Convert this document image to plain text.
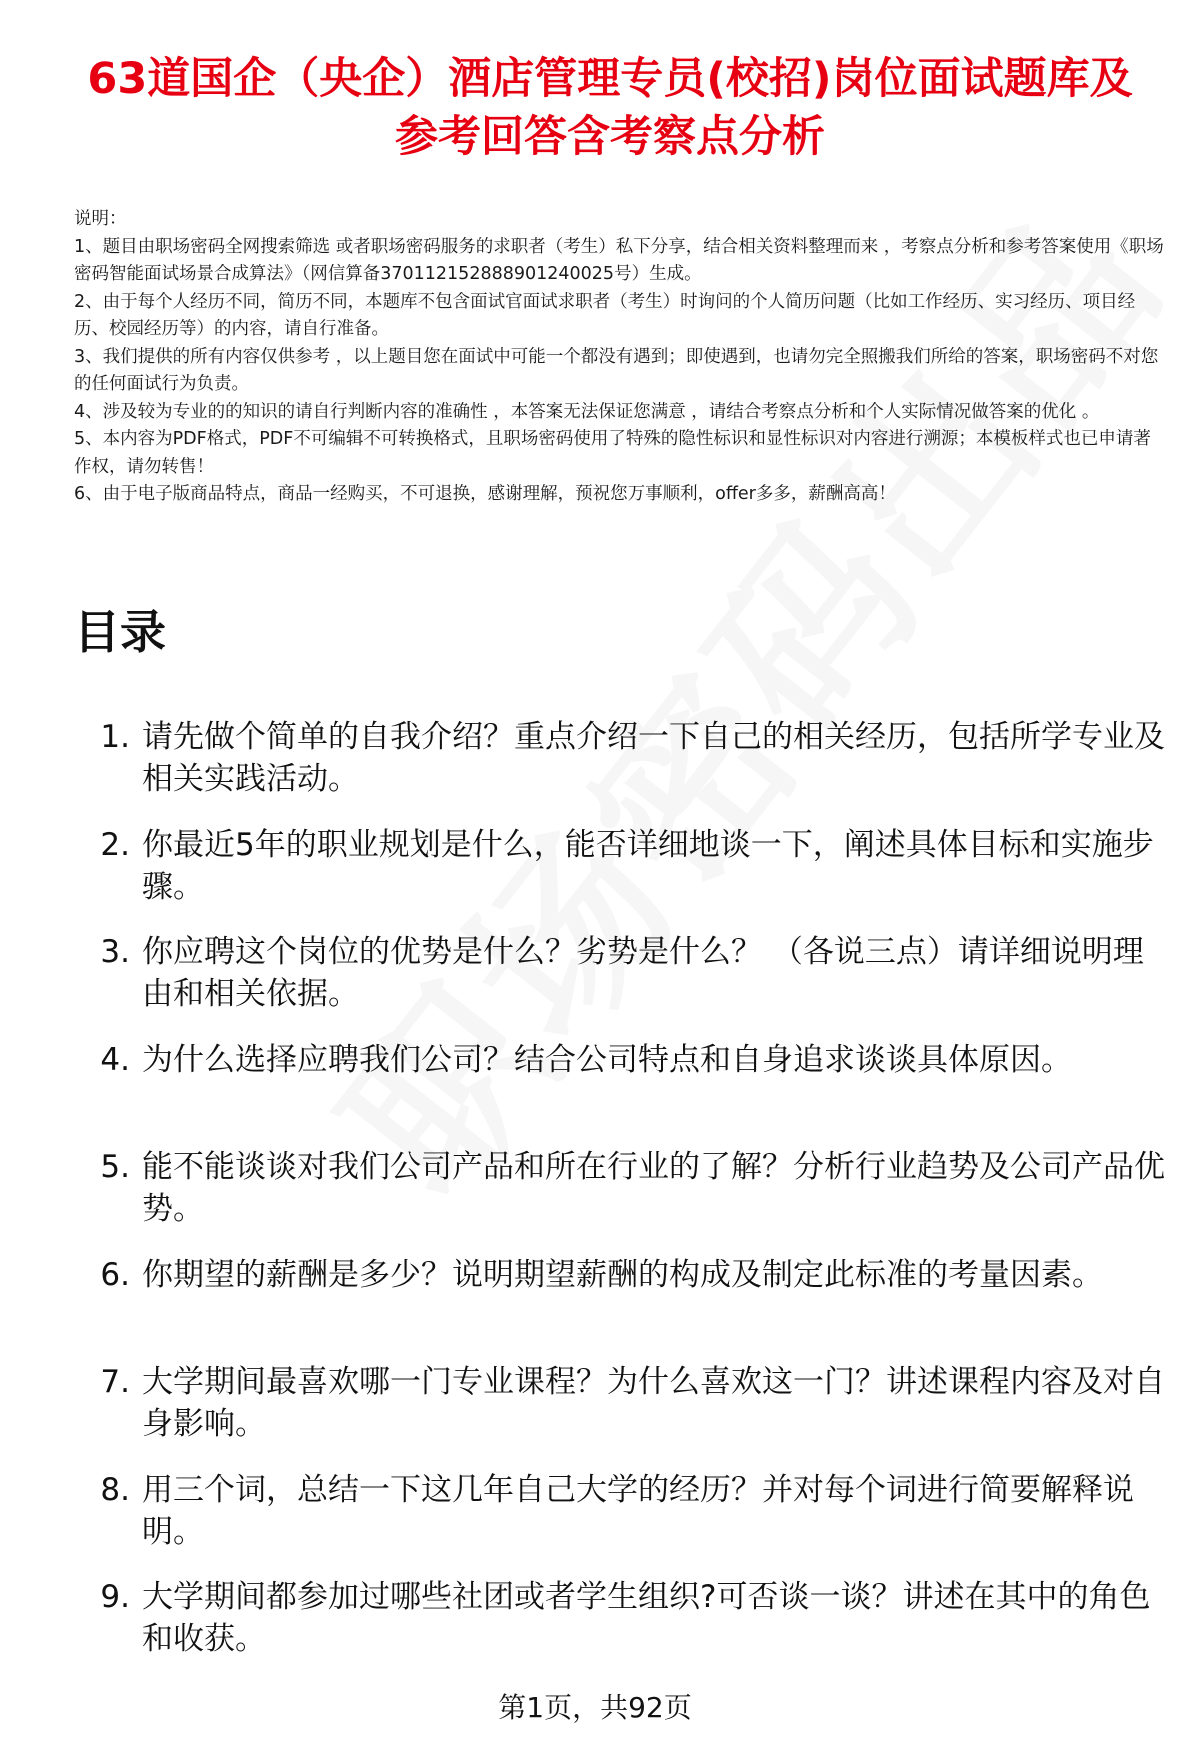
63道国企（央企）酒店管理专员(校招)岗位面试题库及参考回答含考察点分析

说明：

1、题目由职场密码全网搜索筛选 或者职场密码服务的求职者（考生）私下分享，结合相关资料整理而来 ，考察点分析和参考答案使用《职场密码智能面试场景合成算法》（网信算备370112152888901240025号）生成。

2、由于每个人经历不同，简历不同，本题库不包含面试官面试求职者（考生）时询问的个人简历问题（比如工作经历、实习经历、项目经历、校园经历等）的内容，请自行准备。

3、我们提供的所有内容仅供参考 ，以上题目您在面试中可能一个都没有遇到；即使遇到，也请勿完全照搬我们所给的答案，职场密码不对您的任何面试行为负责。

4、涉及较为专业的的知识的请自行判断内容的准确性 ，本答案无法保证您满意 ，请结合考察点分析和个人实际情况做答案的优化 。

5、本内容为PDF格式，PDF不可编辑不可转换格式，且职场密码使用了特殊的隐性标识和显性标识对内容进行溯源；本模板样式也已申请著作权，请勿转售！

6、由于电子版商品特点，商品一经购买，不可退换，感谢理解，预祝您万事顺利，offer多多，薪酬高高！

目录
1. 请先做个简单的自我介绍？重点介绍一下自己的相关经历，包括所学专业及相关实践活动。
2. 你最近5年的职业规划是什么，能否详细地谈一下，阐述具体目标和实施步骤。
3. 你应聘这个岗位的优势是什么？劣势是什么？ （各说三点）请详细说明理由和相关依据。
4. 为什么选择应聘我们公司？结合公司特点和自身追求谈谈具体原因。
5. 能不能谈谈对我们公司产品和所在行业的了解？分析行业趋势及公司产品优势。
6. 你期望的薪酬是多少？说明期望薪酬的构成及制定此标准的考量因素。
7. 大学期间最喜欢哪一门专业课程？为什么喜欢这一门？讲述课程内容及对自身影响。
8. 用三个词，总结一下这几年自己大学的经历？并对每个词进行简要解释说明。
9. 大学期间都参加过哪些社团或者学生组织?可否谈一谈？讲述在其中的角色和收获。
第1页，共92页
